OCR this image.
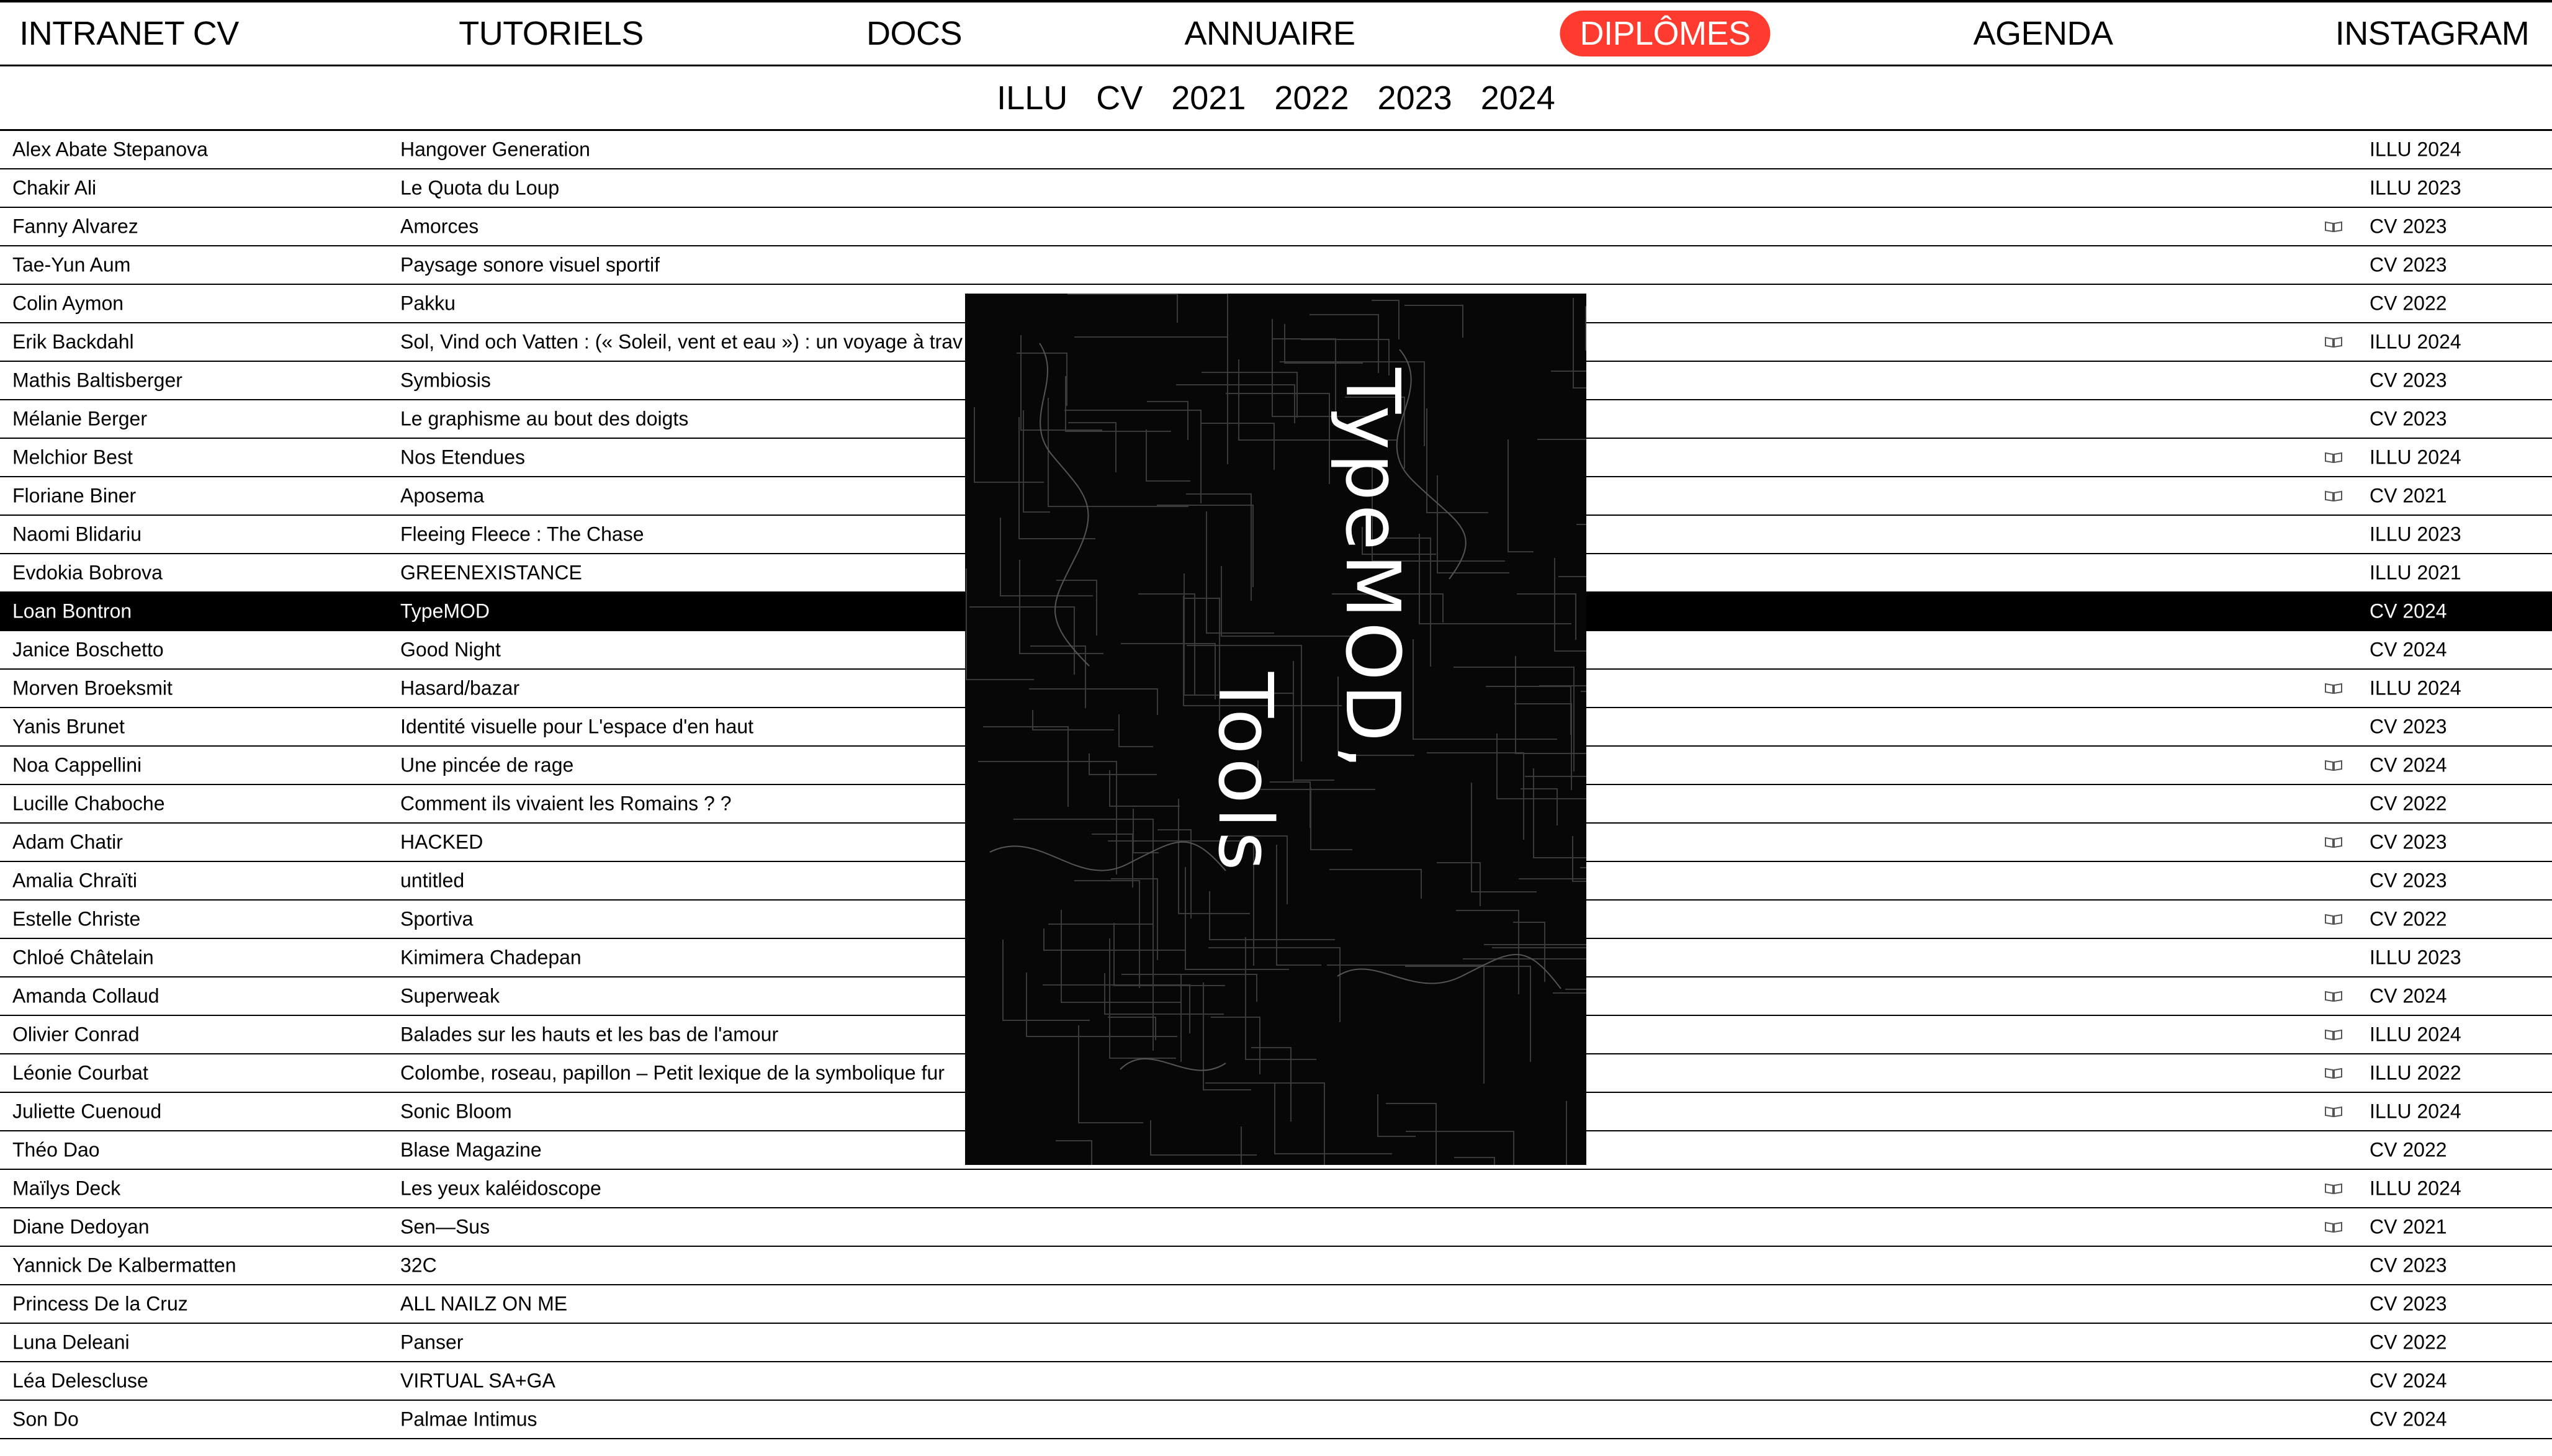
INTRANET CV	TUTORIELS	DOCS	ANNUAIRE	DIPLÔMES	AGENDA	INSTAGRAM
ILLU CV 2021 2022 2023 2024
Alex Abate Stepanova	Hangover Generation	ILLU 2024
Chakir Ali	Le Quota du Loup	ILLU 2023
Fanny Alvarez	Amorces	CV 2023
Tae-Yun Aum	Paysage sonore visuel sportif	CV 2023
Colin Aymon	Pakku	CV 2022
Erik Backdahl	Sol, Vind och Vatten : (« Soleil, vent et eau ») : un voyage à trav	ILLU 2024
Mathis Baltisberger	Symbiosis	CV 2023
Mélanie Berger	Le graphisme au bout des doigts	CV 2023
Melchior Best	Nos Etendues	ILLU 2024
Floriane Biner	Aposema	CV 2021
Naomi Blidariu	Fleeing Fleece : The Chase	ILLU 2023
Evdokia Bobrova	GREENEXISTANCE	ILLU 2021
Loan Bontron	TypeMOD	CV 2024
Janice Boschetto	Good Night	CV 2024
Morven Broeksmit	Hasard/bazar	ILLU 2024
Yanis Brunet	Identité visuelle pour L'espace d'en haut	CV 2023
Noa Cappellini	Une pincée de rage	CV 2024
Lucille Chaboche	Comment ils vivaient les Romains ? ?	CV 2022
Adam Chatir	HACKED	CV 2023
Amalia Chraïti	untitled	CV 2023
Estelle Christe	Sportiva	CV 2022
Chloé Châtelain	Kimimera Chadepan	ILLU 2023
Amanda Collaud	Superweak	CV 2024
Olivier Conrad	Balades sur les hauts et les bas de l'amour	ILLU 2024
Léonie Courbat	Colombe, roseau, papillon – Petit lexique de la symbolique fur	ILLU 2022
Juliette Cuenoud	Sonic Bloom	ILLU 2024
Théo Dao	Blase Magazine	CV 2022
Maïlys Deck	Les yeux kaléidoscope	ILLU 2024
Diane Dedoyan	Sen—Sus	CV 2021
Yannick De Kalbermatten	32C	CV 2023
Princess De la Cruz	ALL NAILZ ON ME	CV 2023
Luna Deleani	Panser	CV 2022
Léa Delescluse	VIRTUAL SA+GA	CV 2024
Son Do	Palmae Intimus	CV 2024
TypeMOD,
Tools
